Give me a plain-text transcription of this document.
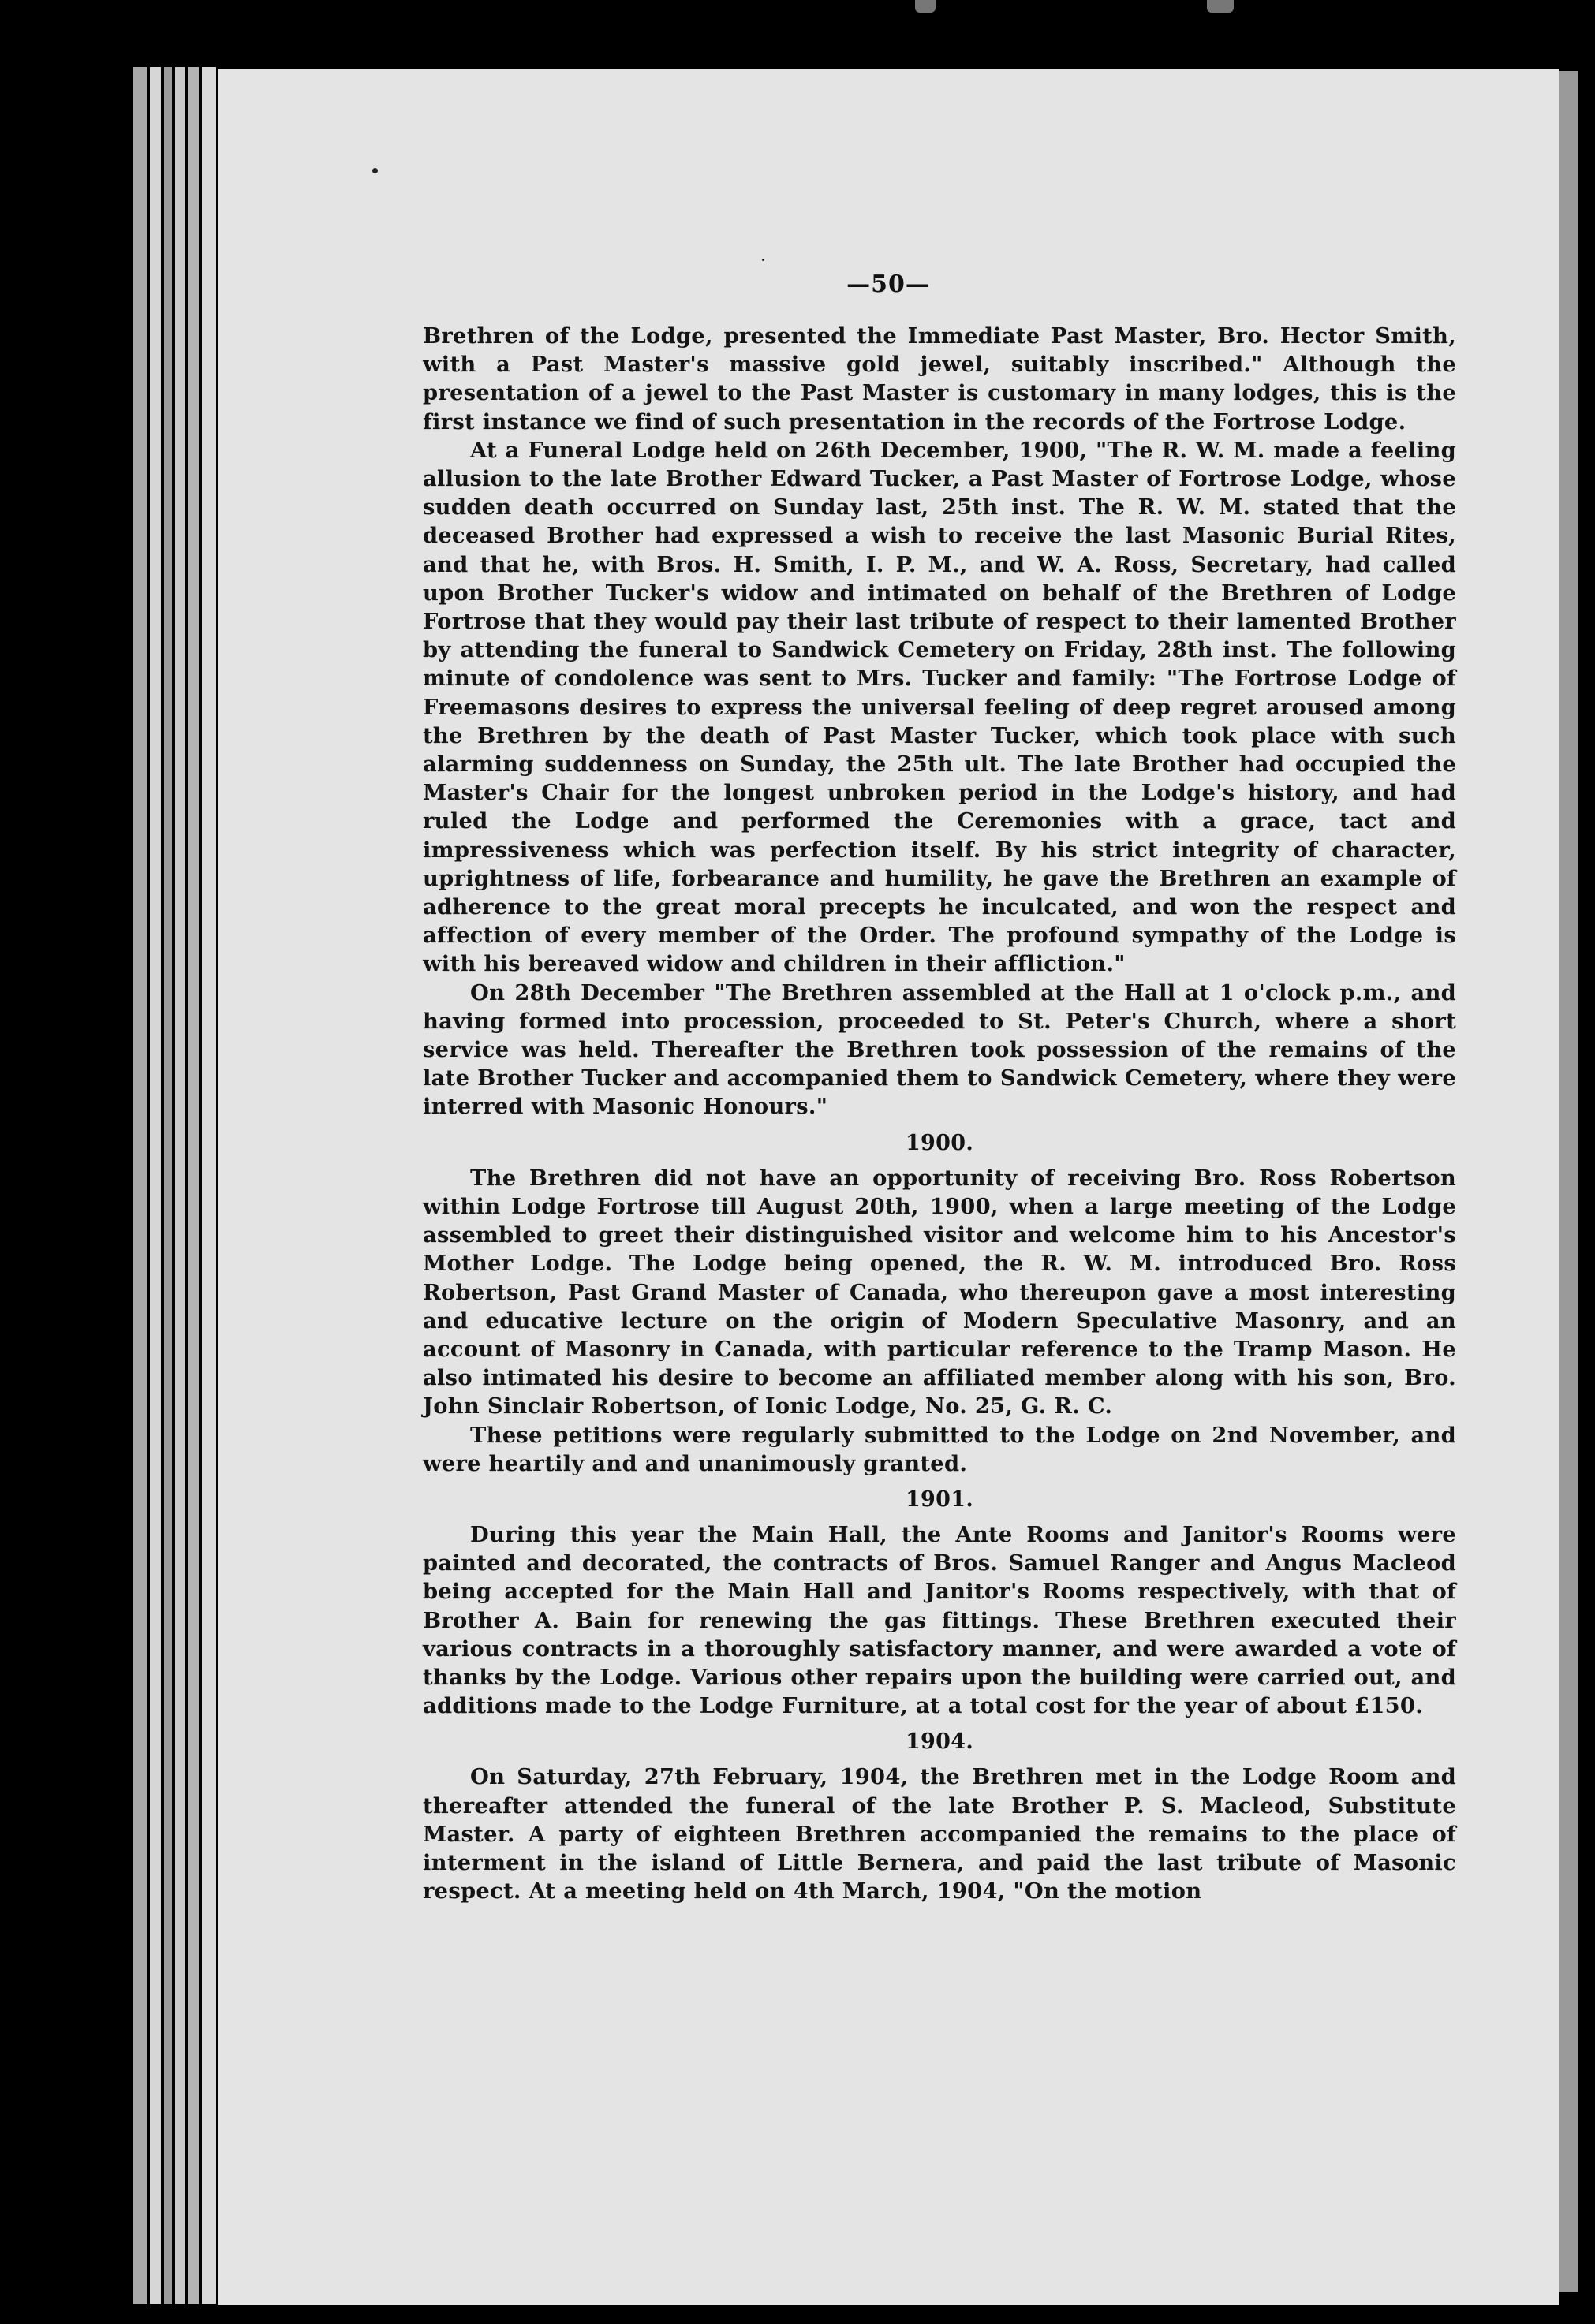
—50—

Brethren of the Lodge, presented the Immediate Past Master, Bro. Hector Smith, with a Past Master's massive gold jewel, suitably inscribed." Although the presentation of a jewel to the Past Master is customary in many lodges, this is the first instance we find of such presentation in the records of the Fortrose Lodge.

At a Funeral Lodge held on 26th December, 1900, "The R. W. M. made a feeling allusion to the late Brother Edward Tucker, a Past Master of Fortrose Lodge, whose sudden death occurred on Sunday last, 25th inst. The R. W. M. stated that the deceased Brother had expressed a wish to receive the last Masonic Burial Rites, and that he, with Bros. H. Smith, I. P. M., and W. A. Ross, Secretary, had called upon Brother Tucker's widow and intimated on behalf of the Brethren of Lodge Fortrose that they would pay their last tribute of respect to their lamented Brother by attending the funeral to Sandwick Cemetery on Friday, 28th inst. The following minute of condolence was sent to Mrs. Tucker and family: "The Fortrose Lodge of Freemasons desires to express the universal feeling of deep regret aroused among the Brethren by the death of Past Master Tucker, which took place with such alarming suddenness on Sunday, the 25th ult. The late Brother had occupied the Master's Chair for the longest unbroken period in the Lodge's history, and had ruled the Lodge and performed the Ceremonies with a grace, tact and impressiveness which was perfection itself. By his strict integrity of character, uprightness of life, forbearance and humility, he gave the Brethren an example of adherence to the great moral precepts he inculcated, and won the respect and affection of every member of the Order. The profound sympathy of the Lodge is with his bereaved widow and children in their affliction."

On 28th December "The Brethren assembled at the Hall at 1 o'clock p.m., and having formed into procession, proceeded to St. Peter's Church, where a short service was held. Thereafter the Brethren took possession of the remains of the late Brother Tucker and accompanied them to Sandwick Cemetery, where they were interred with Masonic Honours."

1900.

The Brethren did not have an opportunity of receiving Bro. Ross Robertson within Lodge Fortrose till August 20th, 1900, when a large meeting of the Lodge assembled to greet their distinguished visitor and welcome him to his Ancestor's Mother Lodge. The Lodge being opened, the R. W. M. introduced Bro. Ross Robertson, Past Grand Master of Canada, who thereupon gave a most interesting and educative lecture on the origin of Modern Speculative Masonry, and an account of Masonry in Canada, with particular reference to the Tramp Mason. He also intimated his desire to become an affiliated member along with his son, Bro. John Sinclair Robertson, of Ionic Lodge, No. 25, G. R. C.

These petitions were regularly submitted to the Lodge on 2nd November, and were heartily and and unanimously granted.

1901.

During this year the Main Hall, the Ante Rooms and Janitor's Rooms were painted and decorated, the contracts of Bros. Samuel Ranger and Angus Macleod being accepted for the Main Hall and Janitor's Rooms respectively, with that of Brother A. Bain for renewing the gas fittings. These Brethren executed their various contracts in a thoroughly satisfactory manner, and were awarded a vote of thanks by the Lodge. Various other repairs upon the building were carried out, and additions made to the Lodge Furniture, at a total cost for the year of about £150.

1904.

On Saturday, 27th February, 1904, the Brethren met in the Lodge Room and thereafter attended the funeral of the late Brother P. S. Macleod, Substitute Master. A party of eighteen Brethren accompanied the remains to the place of interment in the island of Little Bernera, and paid the last tribute of Masonic respect. At a meeting held on 4th March, 1904, "On the motion
